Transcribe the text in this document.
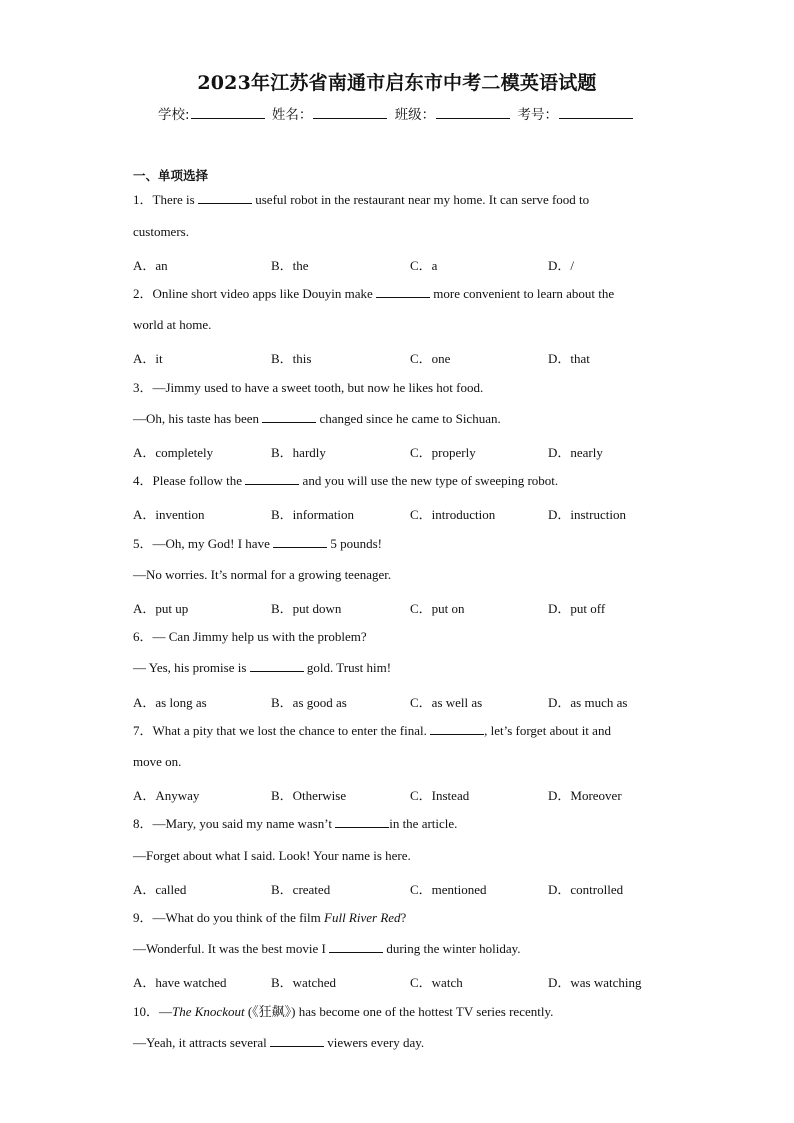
2023年江苏省南通市启东市中考二模英语试题
学校:	姓名：	班级：	考号：
一、单项选择
1．There is	useful robot in the restaurant near my home. It can serve food to
customers.
A．an	B．the	C．a	D．/
2．Online short video apps like Douyin make	more convenient to learn about the
world at home.
A．it	B．this	C．one	D．that
3．—Jimmy used to have a sweet tooth, but now he likes hot food.
—Oh, his taste has been	changed since he came to Sichuan.
A．completely	B．hardly	C．properly	D．nearly
4．Please follow the	and you will use the new type of sweeping robot.
A．invention	B．information	C．introduction	D．instruction
5．—Oh, my God! I have	5 pounds!
—No worries. It’s normal for a growing teenager.
A．put up	B．put down	C．put on	D．put off
6．— Can Jimmy help us with the problem?
— Yes, his promise is	gold. Trust him!
A．as long as	B．as good as	C．as well as	D．as much as
7．What a pity that we lost the chance to enter the final.	, let’s forget about it and
move on.
A．Anyway	B．Otherwise	C．Instead	D．Moreover
8．—Mary, you said my name wasn’t	in the article.
—Forget about what I said. Look! Your name is here.
A．called	B．created	C．mentioned	D．controlled
9．—What do you think of the film Full River Red?
—Wonderful. It was the best movie I	during the winter holiday.
A．have watched	B．watched	C．watch	D．was watching
10．—The Knockout (《狂飙》) has become one of the hottest TV series recently.
—Yeah, it attracts several	viewers every day.
